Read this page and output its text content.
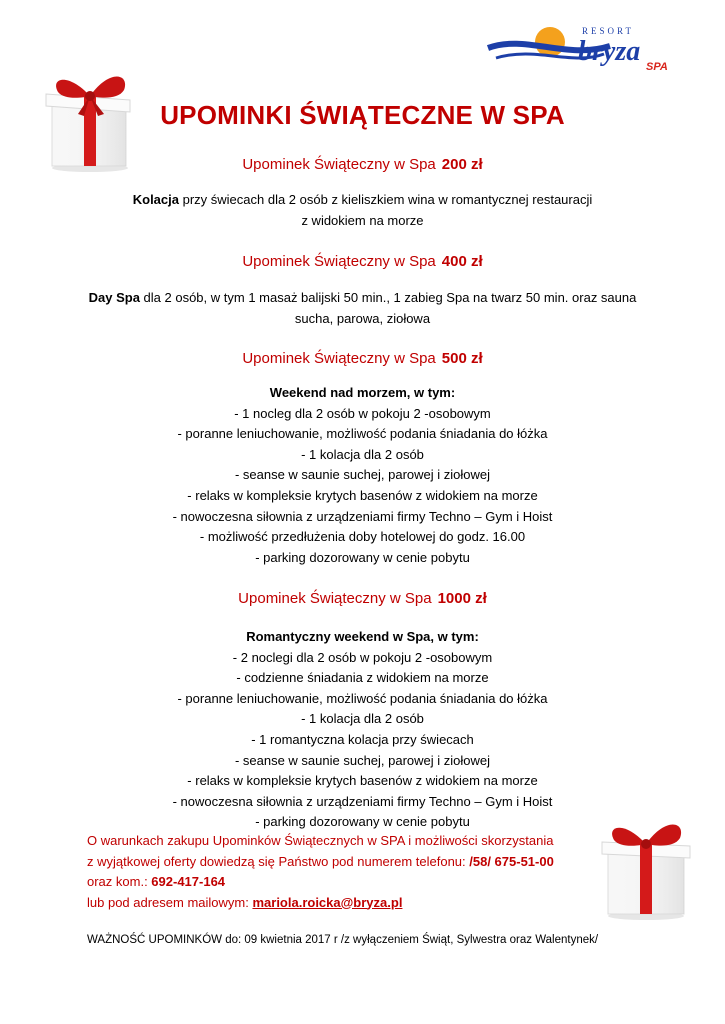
RESORT
bryza SPA
UPOMINKI ŚWIĄTECZNE W SPA
Upominek Świąteczny w Spa 200 zł
Kolacja przy świecach dla 2 osób z kieliszkiem wina w romantycznej restauracji
z widokiem na morze
Upominek Świąteczny w Spa 400 zł
Day Spa dla 2 osób, w tym 1 masaż balijski 50 min., 1 zabieg Spa na twarz 50 min. oraz sauna
sucha, parowa, ziołowa
Upominek Świąteczny w Spa 500 zł
Weekend nad morzem, w tym:
- 1 nocleg dla 2 osób w pokoju 2 -osobowym
- poranne leniuchowanie, możliwość podania śniadania do łóżka
- 1 kolacja dla 2 osób
- seanse w saunie suchej, parowej i ziołowej
- relaks w kompleksie krytych basenów z widokiem na morze
- nowoczesna siłownia z urządzeniami firmy Techno – Gym i Hoist
- możliwość przedłużenia doby hotelowej do godz. 16.00
- parking dozorowany w cenie pobytu
Upominek Świąteczny w Spa 1000 zł
Romantyczny weekend w Spa, w tym:
- 2 noclegi dla 2 osób w pokoju 2 -osobowym
- codzienne śniadania z widokiem na morze
- poranne leniuchowanie, możliwość podania śniadania do łóżka
- 1 kolacja dla 2 osób
- 1 romantyczna kolacja przy świecach
- seanse w saunie suchej, parowej i ziołowej
- relaks w kompleksie krytych basenów z widokiem na morze
- nowoczesna siłownia z urządzeniami firmy Techno – Gym i Hoist
- parking dozorowany w cenie pobytu
O warunkach zakupu Upominków Świątecznych w SPA i możliwości skorzystania
z wyjątkowej oferty dowiedzą się Państwo pod numerem telefonu: /58/ 675-51-00
oraz kom.: 692-417-164
lub pod adresem mailowym: mariola.roicka@bryza.pl
WAŻNOŚĆ UPOMINKÓW do: 09 kwietnia 2017 r /z wyłączeniem Świąt, Sylwestra oraz Walentynek/
